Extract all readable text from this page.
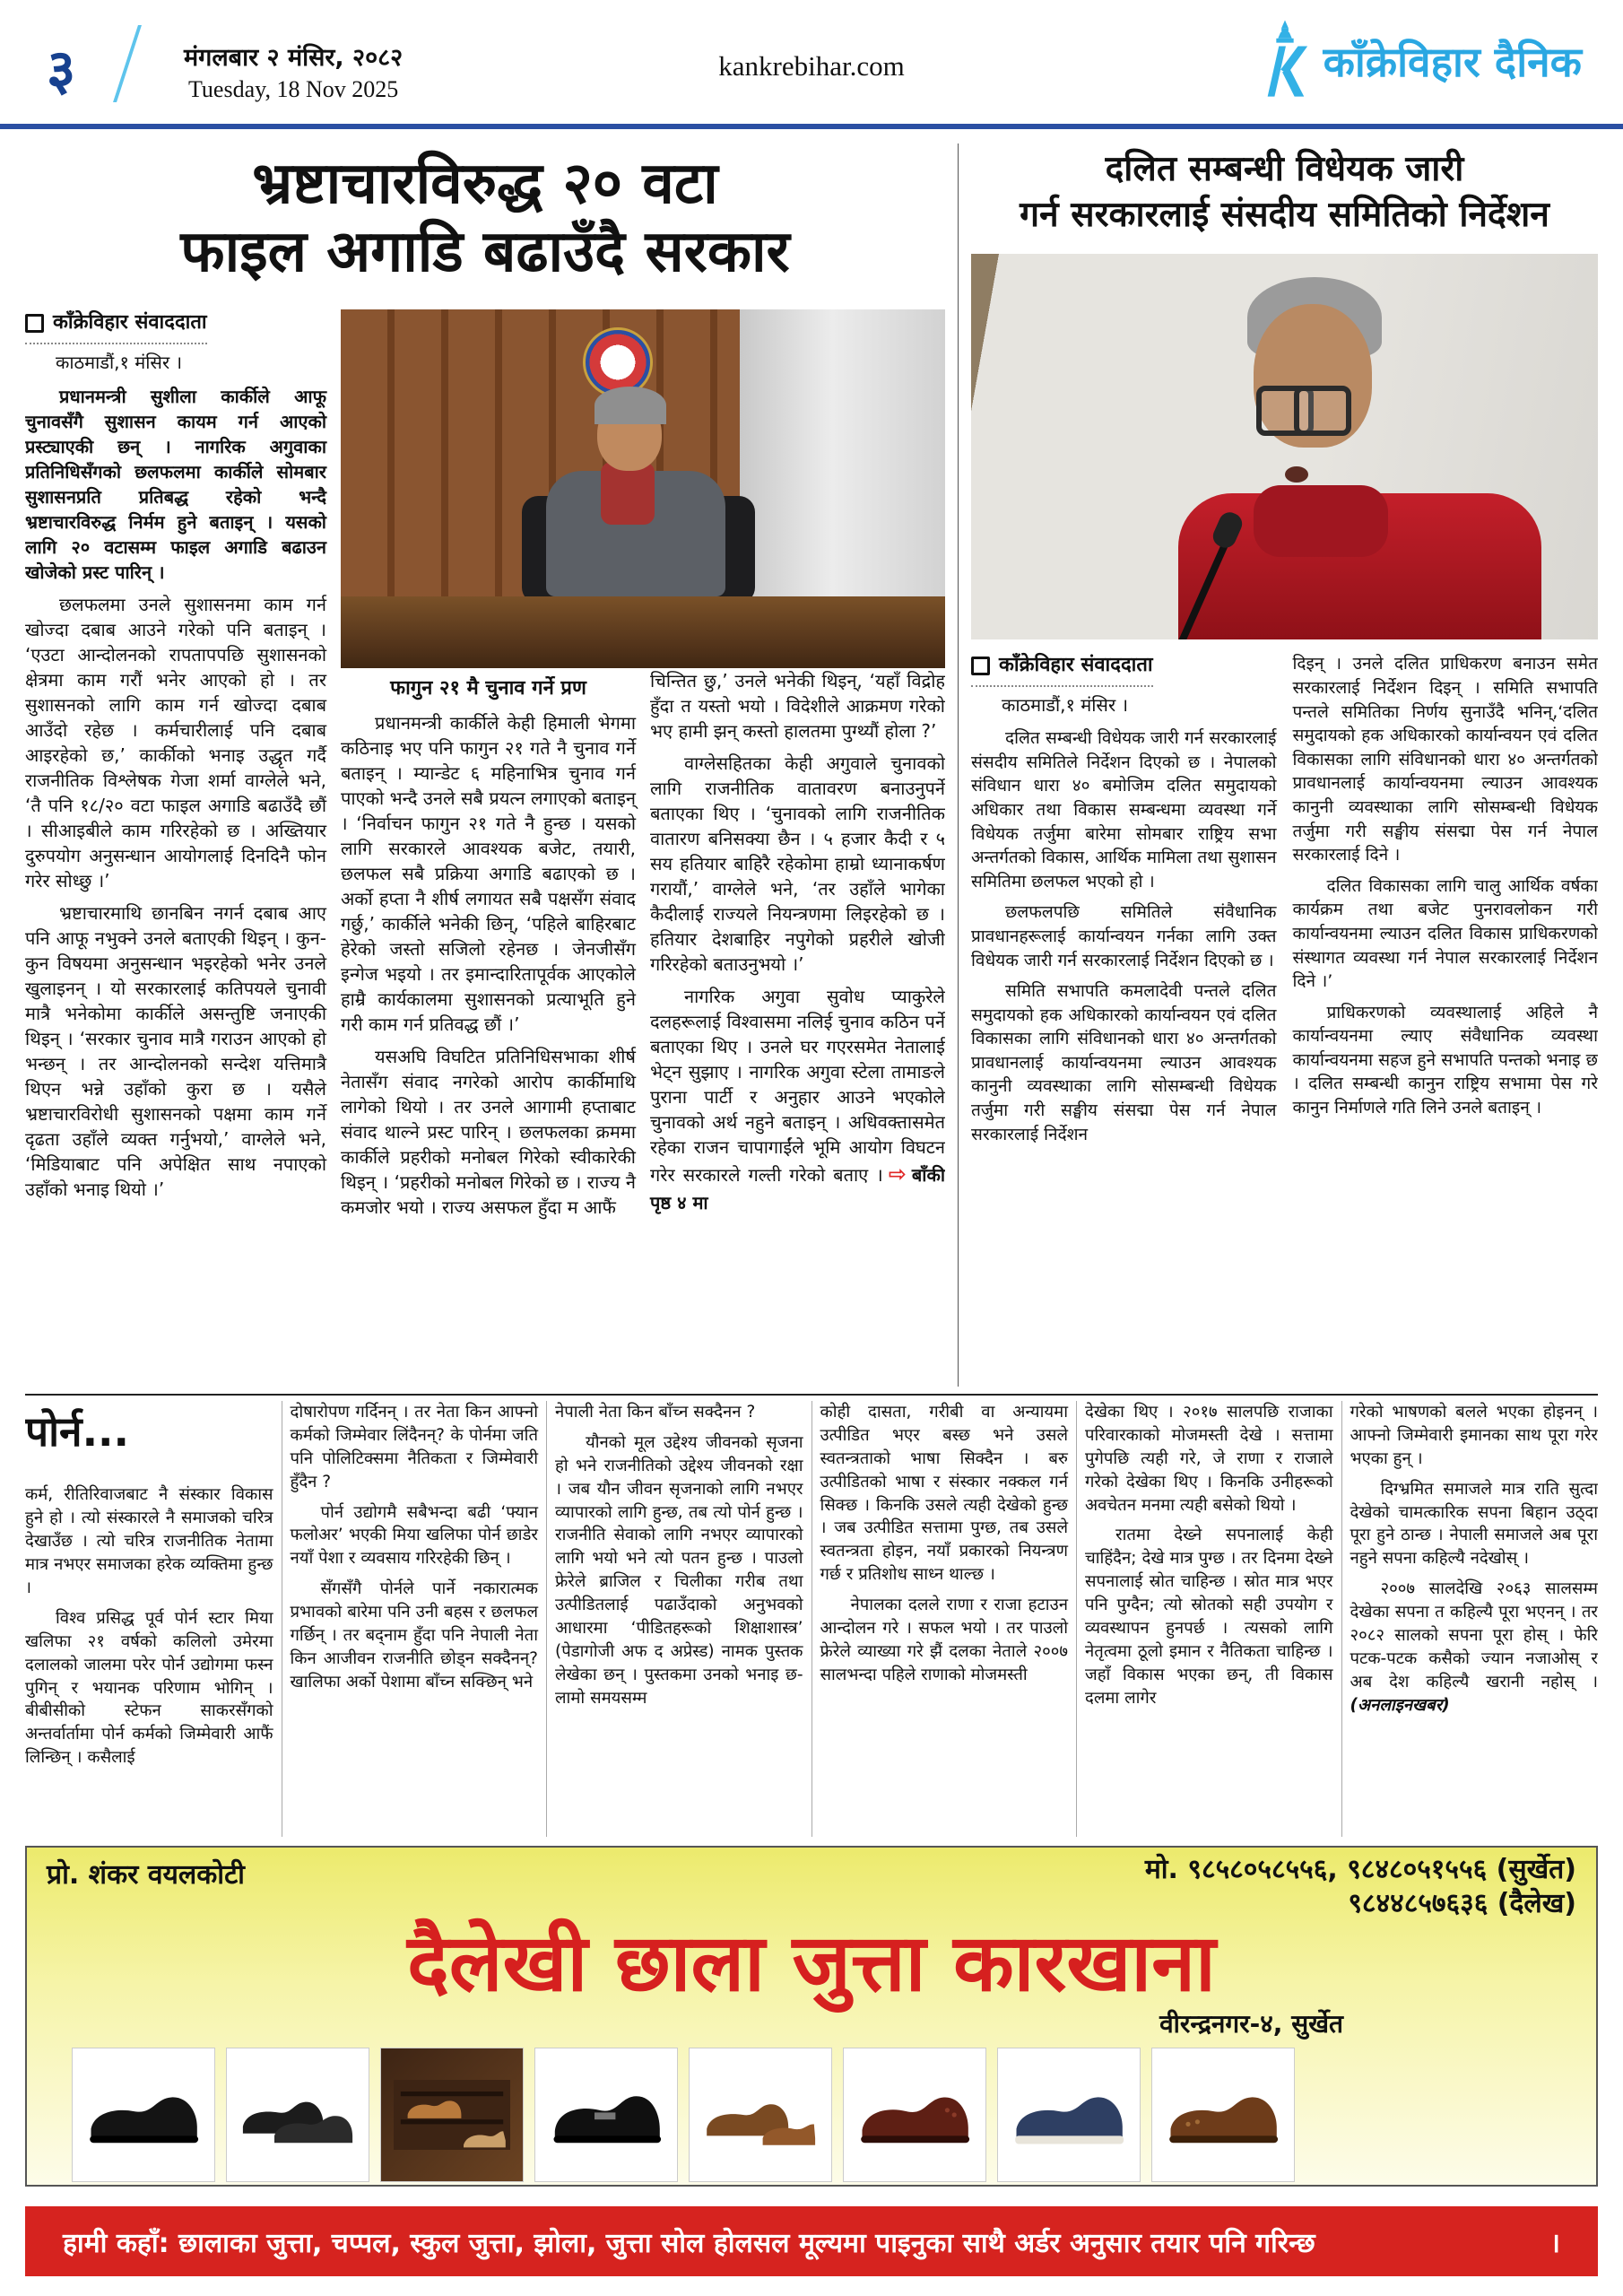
३	मंगलबार २ मंसिर, २०८२
Tuesday, 18 Nov 2025
kankrebihar.com	काँक्रेविहार दैनिक
भ्रष्टाचारविरुद्ध २० वटा
फाइल अगाडि बढाउँदै सरकार
काँक्रेविहार संवाददाता
काठमाडौं,१ मंसिर ।

प्रधानमन्त्री सुशीला कार्कीले आफू चुनावसँगै सुशासन कायम गर्न आएको प्रस्ट्याएकी छन् । नागरिक अगुवाका प्रतिनिधिसँगको छलफलमा कार्कीले सोमबार सुशासनप्रति प्रतिबद्ध रहेको भन्दै भ्रष्टाचारविरुद्ध निर्मम हुने बताइन् । यसको लागि २० वटासम्म फाइल अगाडि बढाउन खोजेको प्रस्ट पारिन् ।

छलफलमा उनले सुशासनमा काम गर्न खोज्दा दबाब आउने गरेको पनि बताइन् । ‘एउटा आन्दोलनको रापतापपछि सुशासनको क्षेत्रमा काम गरौं भनेर आएको हो । तर सुशासनको लागि काम गर्न खोज्दा दबाब आउँदो रहेछ । कर्मचारीलाई पनि दबाब आइरहेको छ,’ कार्कीको भनाइ उद्धृत गर्दै राजनीतिक विश्लेषक गेजा शर्मा वाग्लेले भने, ‘तै पनि १८/२० वटा फाइल अगाडि बढाउँदै छौं । सीआइबीले काम गरिरहेको छ । अख्तियार दुरुपयोग अनुसन्धान आयोगलाई दिनदिनै फोन गरेर सोध्छु ।’

भ्रष्टाचारमाथि छानबिन नगर्न दबाब आए पनि आफू नभुक्ने उनले बताएकी थिइन् । कुन-कुन विषयमा अनुसन्धान भइरहेको भनेर उनले खुलाइनन् । यो सरकारलाई कतिपयले चुनावी मात्रै भनेकोमा कार्कीले असन्तुष्टि जनाएकी थिइन् । ‘सरकार चुनाव मात्रै गराउन आएको हो भन्छन् । तर आन्दोलनको सन्देश यत्तिमात्रै थिएन भन्ने उहाँको कुरा छ । यसैले भ्रष्टाचारविरोधी सुशासनको पक्षमा काम गर्ने दृढता उहाँले व्यक्त गर्नुभयो,’ वाग्लेले भने, ‘मिडियाबाट पनि अपेक्षित साथ नपाएको उहाँको भनाइ थियो ।’

फागुन २१ मै चुनाव गर्ने प्रण

प्रधानमन्त्री कार्कीले केही हिमाली भेगमा कठिनाइ भए पनि फागुन २१ गते नै चुनाव गर्ने बताइन् । म्यान्डेट ६ महिनाभित्र चुनाव गर्न पाएको भन्दै उनले सबै प्रयत्न लगाएको बताइन् । ‘निर्वाचन फागुन २१ गते नै हुन्छ । यसको लागि सरकारले आवश्यक बजेट, तयारी, छलफल सबै प्रक्रिया अगाडि बढाएको छ । अर्को हप्ता नै शीर्ष लगायत सबै पक्षसँग संवाद गर्छु,’ कार्कीले भनेकी छिन्, ‘पहिले बाहिरबाट हेरेको जस्तो सजिलो रहेनछ । जेनजीसँग इन्गेज भइयो । तर इमान्दारितापूर्वक आएकोले हाम्रै कार्यकालमा सुशासनको प्रत्याभूति हुने गरी काम गर्न प्रतिवद्ध छौं ।’

यसअघि विघटित प्रतिनिधिसभाका शीर्ष नेतासँग संवाद नगरेको आरोप कार्कीमाथि लागेको थियो । तर उनले आगामी हप्ताबाट संवाद थाल्ने प्रस्ट पारिन् । छलफलका क्रममा कार्कीले प्रहरीको मनोबल गिरेको स्वीकारेकी थिइन् । ‘प्रहरीको मनोबल गिरेको छ । राज्य नै कमजोर भयो । राज्य असफल हुँदा म आफैं

चिन्तित छु,’ उनले भनेकी थिइन्, ‘यहाँ विद्रोह हुँदा त यस्तो भयो । विदेशीले आक्रमण गरेको भए हामी झन् कस्तो हालतमा पुग्थ्यौं होला ?’

वाग्लेसहितका केही अगुवाले चुनावको लागि राजनीतिक वातावरण बनाउनुपर्ने बताएका थिए । ‘चुनावको लागि राजनीतिक वातारण बनिसक्या छैन । ५ हजार कैदी र ५ सय हतियार बाहिरै रहेकोमा हाम्रो ध्यानाकर्षण गरायौं,’ वाग्लेले भने, ‘तर उहाँले भागेका कैदीलाई राज्यले नियन्त्रणमा लिइरहेको छ । हतियार देशबाहिर नपुगेको प्रहरीले खोजी गरिरहेको बताउनुभयो ।’

नागरिक अगुवा सुवोध प्याकुरेले दलहरूलाई विश्वासमा नलिई चुनाव कठिन पर्ने बताएका थिए । उनले घर गएरसमेत नेतालाई भेट्न सुझाए । नागरिक अगुवा स्टेला तामाङले पुराना पार्टी र अनुहार आउने भएकोले चुनावको अर्थ नहुने बताइन् । अधिवक्तासमेत रहेका राजन चापागाईंले भूमि आयोग विघटन गरेर सरकारले गल्ती गरेको बताए । ⇨ बाँकी पृष्ठ ४ मा

दलित सम्बन्धी विधेयक जारी
गर्न सरकारलाई संसदीय समितिको निर्देशन
काँक्रेविहार संवाददाता
काठमाडौं,१ मंसिर ।

दलित सम्बन्धी विधेयक जारी गर्न सरकारलाई संसदीय समितिले निर्देशन दिएको छ । नेपालको संविधान धारा ४० बमोजिम दलित समुदायको अधिकार तथा विकास सम्बन्धमा व्यवस्था गर्ने विधेयक तर्जुमा बारेमा सोमबार राष्ट्रिय सभा अन्तर्गतको विकास, आर्थिक मामिला तथा सुशासन समितिमा छलफल भएको हो ।

छलफलपछि समितिले संवैधानिक प्रावधानहरूलाई कार्यान्वयन गर्नका लागि उक्त विधेयक जारी गर्न सरकारलाई निर्देशन दिएको छ ।

समिति सभापति कमलादेवी पन्तले दलित समुदायको हक अधिकारको कार्यान्वयन एवं दलित विकासका लागि संविधानको धारा ४० अन्तर्गतको प्रावधानलाई कार्यान्वयनमा ल्याउन आवश्यक कानुनी व्यवस्थाका लागि सोसम्बन्धी विधेयक तर्जुमा गरी सङ्घीय संसद्मा पेस गर्न नेपाल सरकारलाई निर्देशन

दिइन् । उनले दलित प्राधिकरण बनाउन समेत सरकारलाई निर्देशन दिइन् । समिति सभापति पन्तले समितिका निर्णय सुनाउँदै भनिन्,‘दलित समुदायको हक अधिकारको कार्यान्वयन एवं दलित विकासका लागि संविधानको धारा ४० अन्तर्गतको प्रावधानलाई कार्यान्वयनमा ल्याउन आवश्यक कानुनी व्यवस्थाका लागि सोसम्बन्धी विधेयक तर्जुमा गरी सङ्घीय संसद्मा पेस गर्न नेपाल सरकारलाई दिने ।

दलित विकासका लागि चालु आर्थिक वर्षका कार्यक्रम तथा बजेट पुनरावलोकन गरी कार्यान्वयनमा ल्याउन दलित विकास प्राधिकरणको संस्थागत व्यवस्था गर्न नेपाल सरकारलाई निर्देशन दिने ।’

प्राधिकरणको व्यवस्थालाई अहिले नै कार्यान्वयनमा ल्याए संवैधानिक व्यवस्था कार्यान्वयनमा सहज हुने सभापति पन्तको भनाइ छ । दलित सम्बन्धी कानुन राष्ट्रिय सभामा पेस गरे कानुन निर्माणले गति लिने उनले बताइन् ।

पोर्न...

कर्म, रीतिरिवाजबाट नै संस्कार विकास हुने हो । त्यो संस्कारले नै समाजको चरित्र देखाउँछ । त्यो चरित्र राजनीतिक नेतामा मात्र नभएर समाजका हरेक व्यक्तिमा हुन्छ ।

विश्व प्रसिद्ध पूर्व पोर्न स्टार मिया खलिफा २१ वर्षको कलिलो उमेरमा दलालको जालमा परेर पोर्न उद्योगमा फस्न पुगिन् र भयानक परिणाम भोगिन् । बीबीसीको स्टेफन साकरसँगको अन्तर्वार्तामा पोर्न कर्मको जिम्मेवारी आफैं लिन्छिन् । कसैलाई

दोषारोपण गर्दिनन् । तर नेता किन आफ्नो कर्मको जिम्मेवार लिंदैनन्? के पोर्नमा जति पनि पोलिटिक्समा नैतिकता र जिम्मेवारी हुँदैन ?

पोर्न उद्योगमै सबैभन्दा बढी ‘फ्यान फलोअर’ भएकी मिया खलिफा पोर्न छाडेर नयाँ पेशा र व्यवसाय गरिरहेकी छिन् ।

सँगसँगै पोर्नले पार्ने नकारात्मक प्रभावको बारेमा पनि उनी बहस र छलफल गर्छिन् । तर बद्नाम हुँदा पनि नेपाली नेता किन आजीवन राजनीति छोड्न सक्दैनन्? खालिफा अर्को पेशामा बाँच्न सक्छिन् भने

नेपाली नेता किन बाँच्न सक्दैनन ?

यौनको मूल उद्देश्य जीवनको सृजना हो भने राजनीतिको उद्देश्य जीवनको रक्षा । जब यौन जीवन सृजनाको लागि नभएर व्यापारको लागि हुन्छ, तब त्यो पोर्न हुन्छ । राजनीति सेवाको लागि नभएर व्यापारको लागि भयो भने त्यो पतन हुन्छ । पाउलो फ्रेरेले ब्राजिल र चिलीका गरीब तथा उत्पीडितलाई पढाउँदाको अनुभवको आधारमा ‘पीडितहरूको शिक्षाशास्त्र’ (पेडागोजी अफ द अप्रेस्ड) नामक पुस्तक लेखेका छन् । पुस्तकमा उनको भनाइ छ- लामो समयसम्म

कोही दासता, गरीबी वा अन्यायमा उत्पीडित भएर बस्छ भने उसले स्वतन्त्रताको भाषा सिक्दैन । बरु उत्पीडितको भाषा र संस्कार नक्कल गर्न सिक्छ । किनकि उसले त्यही देखेको हुन्छ । जब उत्पीडित सत्तामा पुग्छ, तब उसले स्वतन्त्रता होइन, नयाँ प्रकारको नियन्त्रण गर्छ र प्रतिशोध साध्न थाल्छ ।

नेपालका दलले राणा र राजा हटाउन आन्दोलन गरे । सफल भयो । तर पाउलो फ्रेरेले व्याख्या गरे झैं दलका नेताले २००७ सालभन्दा पहिले राणाको मोजमस्ती

देखेका थिए । २०१७ सालपछि राजाका परिवारकाको मोजमस्ती देखे । सत्तामा पुगेपछि त्यही गरे, जे राणा र राजाले गरेको देखेका थिए । किनकि उनीहरूको अवचेतन मनमा त्यही बसेको थियो ।

रातमा देख्ने सपनालाई केही चाहिंदैन; देखे मात्र पुग्छ । तर दिनमा देख्ने सपनालाई स्रोत चाहिन्छ । स्रोत मात्र भएर पनि पुग्दैन; त्यो स्रोतको सही उपयोग र व्यवस्थापन हुनपर्छ । त्यसको लागि नेतृत्वमा ठूलो इमान र नैतिकता चाहिन्छ । जहाँ विकास भएका छन्, ती विकास दलमा लागेर

गरेको भाषणको बलले भएका होइनन् । आफ्नो जिम्मेवारी इमानका साथ पूरा गरेर भएका हुन् ।

दिग्भ्रमित समाजले मात्र राति सुत्दा देखेको चामत्कारिक सपना बिहान उठ्दा पूरा हुने ठान्छ । नेपाली समाजले अब पूरा नहुने सपना कहिल्यै नदेखोस् ।

२००७ सालदेखि २०६३ सालसम्म देखेका सपना त कहिल्यै पूरा भएनन् । तर २०८२ सालको सपना पूरा होस् । फेरि पटक-पटक कसैको ज्यान नजाओस् र अब देश कहिल्यै खरानी नहोस् । (अनलाइनखबर)

प्रो. शंकर वयलकोटी	मो. ९८५८०५८५५६, ९८४८०५१५५६ (सुर्खेत)
९८४४८५७६३६ (दैलेख)
दैलेखी छाला जुत्ता कारखाना
वीरन्द्रनगर-४, सुर्खेत
हामी कहाँ: छालाका जुत्ता, चप्पल, स्कुल जुत्ता, झोला, जुत्ता सोल होलसल मूल्यमा पाइनुका साथै अर्डर अनुसार तयार पनि गरिन्छ	।
